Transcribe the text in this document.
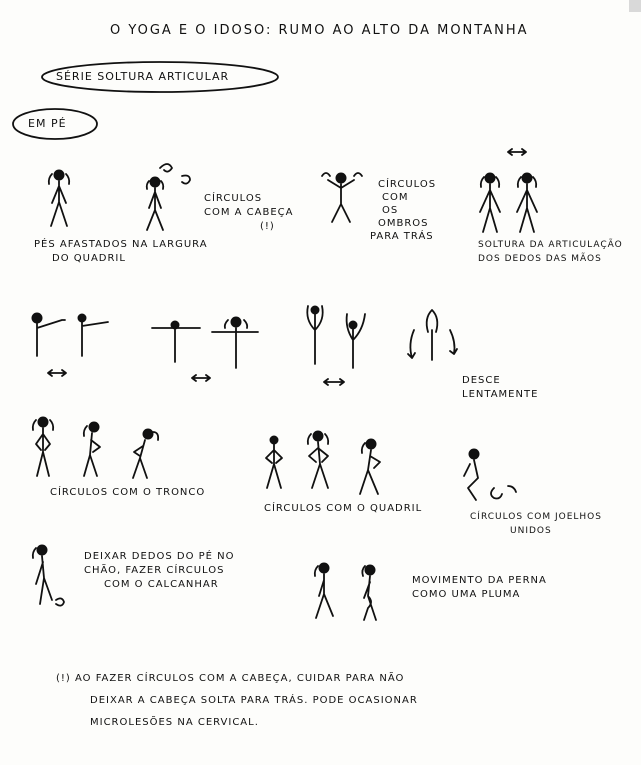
O YOGA E O IDOSO: RUMO AO ALTO DA MONTANHA
SÉRIE SOLTURA ARTICULAR
EM PÉ
PÉS AFASTADOS NA LARGURA
DO QUADRIL
CÍRCULOS
COM A CABEÇA
(!)
CÍRCULOS
COM
OS
OMBROS
PARA TRÁS
SOLTURA DA ARTICULAÇÃO
DOS DEDOS DAS MÃOS
DESCE
LENTAMENTE
CÍRCULOS COM O TRONCO
CÍRCULOS COM O QUADRIL
CÍRCULOS COM JOELHOS
UNIDOS
DEIXAR DEDOS DO PÉ NO
CHÃO, FAZER CÍRCULOS
COM O CALCANHAR	MOVIMENTO DA PERNA
COMO UMA PLUMA
(!) AO FAZER CÍRCULOS COM A CABEÇA, CUIDAR PARA NÃO
DEIXAR A CABEÇA SOLTA PARA TRÁS. PODE OCASIONAR
MICROLESÕES NA CERVICAL.
